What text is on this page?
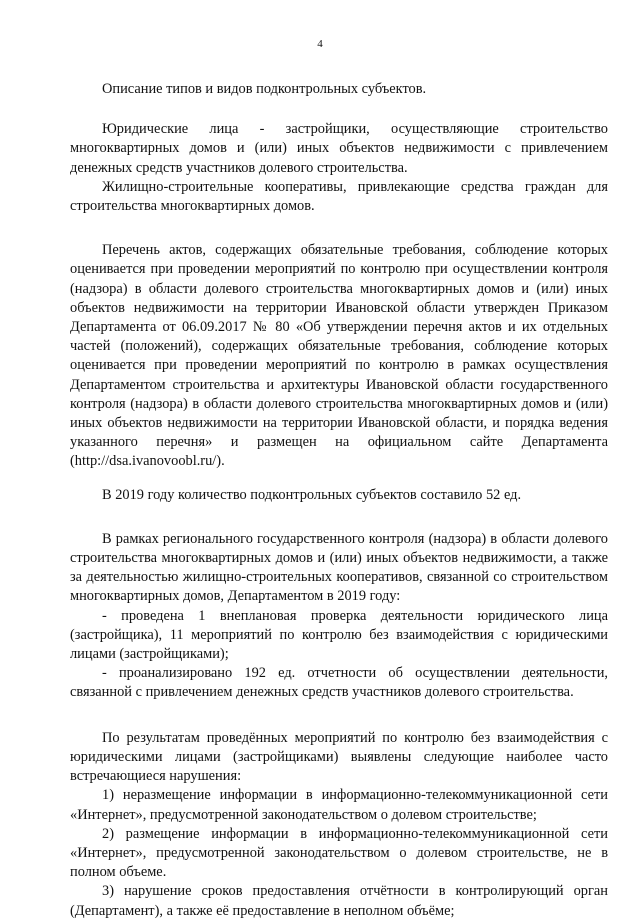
4

Описание типов и видов подконтрольных субъектов.

Юридические лица - застройщики, осуществляющие строительство многоквартирных домов и (или) иных объектов недвижимости с привлечением денежных средств участников долевого строительства.

Жилищно-строительные кооперативы, привлекающие средства граждан для строительства многоквартирных домов.

Перечень актов, содержащих обязательные требования, соблюдение которых оценивается при проведении мероприятий по контролю при осуществлении контроля (надзора) в области долевого строительства многоквартирных домов и (или) иных объектов недвижимости на территории Ивановской области утвержден Приказом Департамента от 06.09.2017 № 80 «Об утверждении перечня актов и их отдельных частей (положений), содержащих обязательные требования, соблюдение которых оценивается при проведении мероприятий по контролю в рамках осуществления Департаментом строительства и архитектуры Ивановской области государственного контроля (надзора) в области долевого строительства многоквартирных домов и (или) иных объектов недвижимости на территории Ивановской области, и порядка ведения указанного перечня» и размещен на официальном сайте Департамента (http://dsa.ivanovoobl.ru/).

В 2019 году количество подконтрольных субъектов составило 52 ед.

В рамках регионального государственного контроля (надзора) в области долевого строительства многоквартирных домов и (или) иных объектов недвижимости, а также за деятельностью жилищно-строительных кооперативов, связанной со строительством многоквартирных домов, Департаментом в 2019 году:

- проведена 1 внеплановая проверка деятельности юридического лица (застройщика), 11 мероприятий по контролю без взаимодействия с юридическими лицами (застройщиками);

- проанализировано 192 ед. отчетности об осуществлении деятельности, связанной с привлечением денежных средств участников долевого строительства.

По результатам проведённых мероприятий по контролю без взаимодействия с юридическими лицами (застройщиками) выявлены следующие наиболее часто встречающиеся нарушения:

1) неразмещение информации в информационно-телекоммуникационной сети «Интернет», предусмотренной законодательством о долевом строительстве;

2) размещение информации в информационно-телекоммуникационной сети «Интернет», предусмотренной законодательством о долевом строительстве, не в полном объеме.

3) нарушение сроков предоставления отчётности в контролирующий орган (Департамент), а также её предоставление в неполном объёме;
